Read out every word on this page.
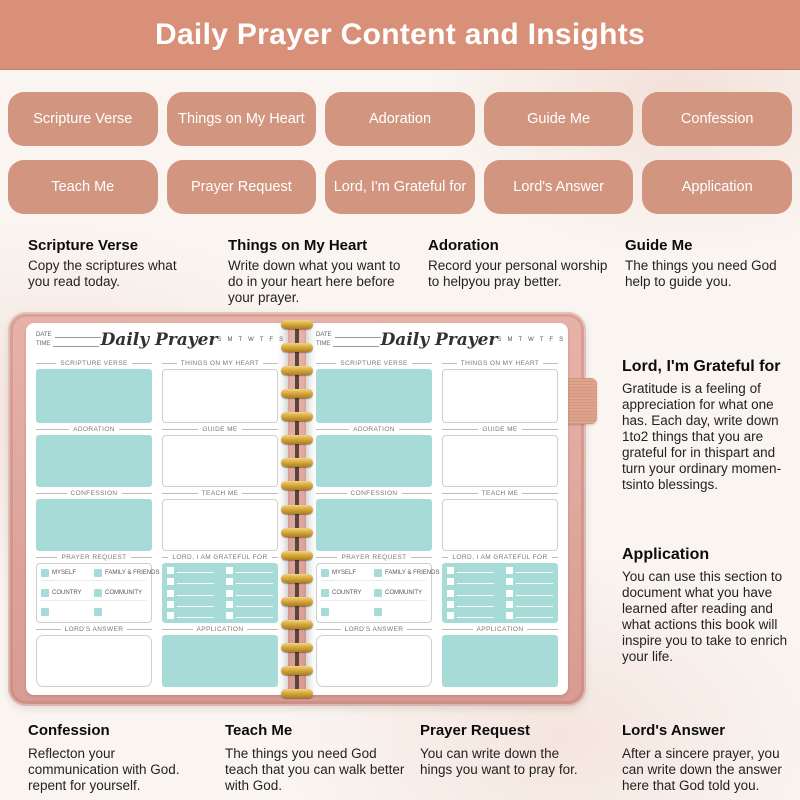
Daily Prayer Content and Insights
Scripture Verse	Things on My Heart	Adoration	Guide Me	Confession
Teach Me	Prayer Request	Lord, I'm Grateful for	Lord's Answer	Application
Scripture Verse

Copy the scriptures what you read today.

Things on My Heart

Write down what you want to do in your heart here before your prayer.

Adoration

Record your personal worship to helpyou pray better.

Guide Me

The things you need God help to guide you.

Lord, I'm Grateful for

Gratitude is a feeling of appreciation for what one has. Each day, write down 1to2 things that you are grateful for in thispart and turn your ordinary momen-tsinto blessings.

Application

You can use this section to document what you have learned after reading and what actions this book will inspire you to take to enrich your life.

Confession

Reflecton your communication with God. repent for yourself.

Teach Me

The things you need God teach that you can walk better with God.

Prayer Request

You can write down the hings you want to pray for.

Lord's Answer

After a sincere prayer, you can write down the answer here that God told you.

DATE
TIME	Daily Prayer S M T W T F S
SCRIPTURE VERSE	THINGS ON MY HEART
ADORATION	GUIDE ME
CONFESSION	TEACH ME
PRAYER REQUEST
MYSELF	FAMILY & FRIENDS
COUNTRY	COMMUNITY
LORD, I AM GRATEFUL FOR
LORD'S ANSWER	APPLICATION
DATE
TIME	Daily Prayer S M T W T F S
SCRIPTURE VERSE	THINGS ON MY HEART
ADORATION	GUIDE ME
CONFESSION	TEACH ME
PRAYER REQUEST
MYSELF	FAMILY & FRIENDS
COUNTRY	COMMUNITY
LORD, I AM GRATEFUL FOR
LORD'S ANSWER	APPLICATION
